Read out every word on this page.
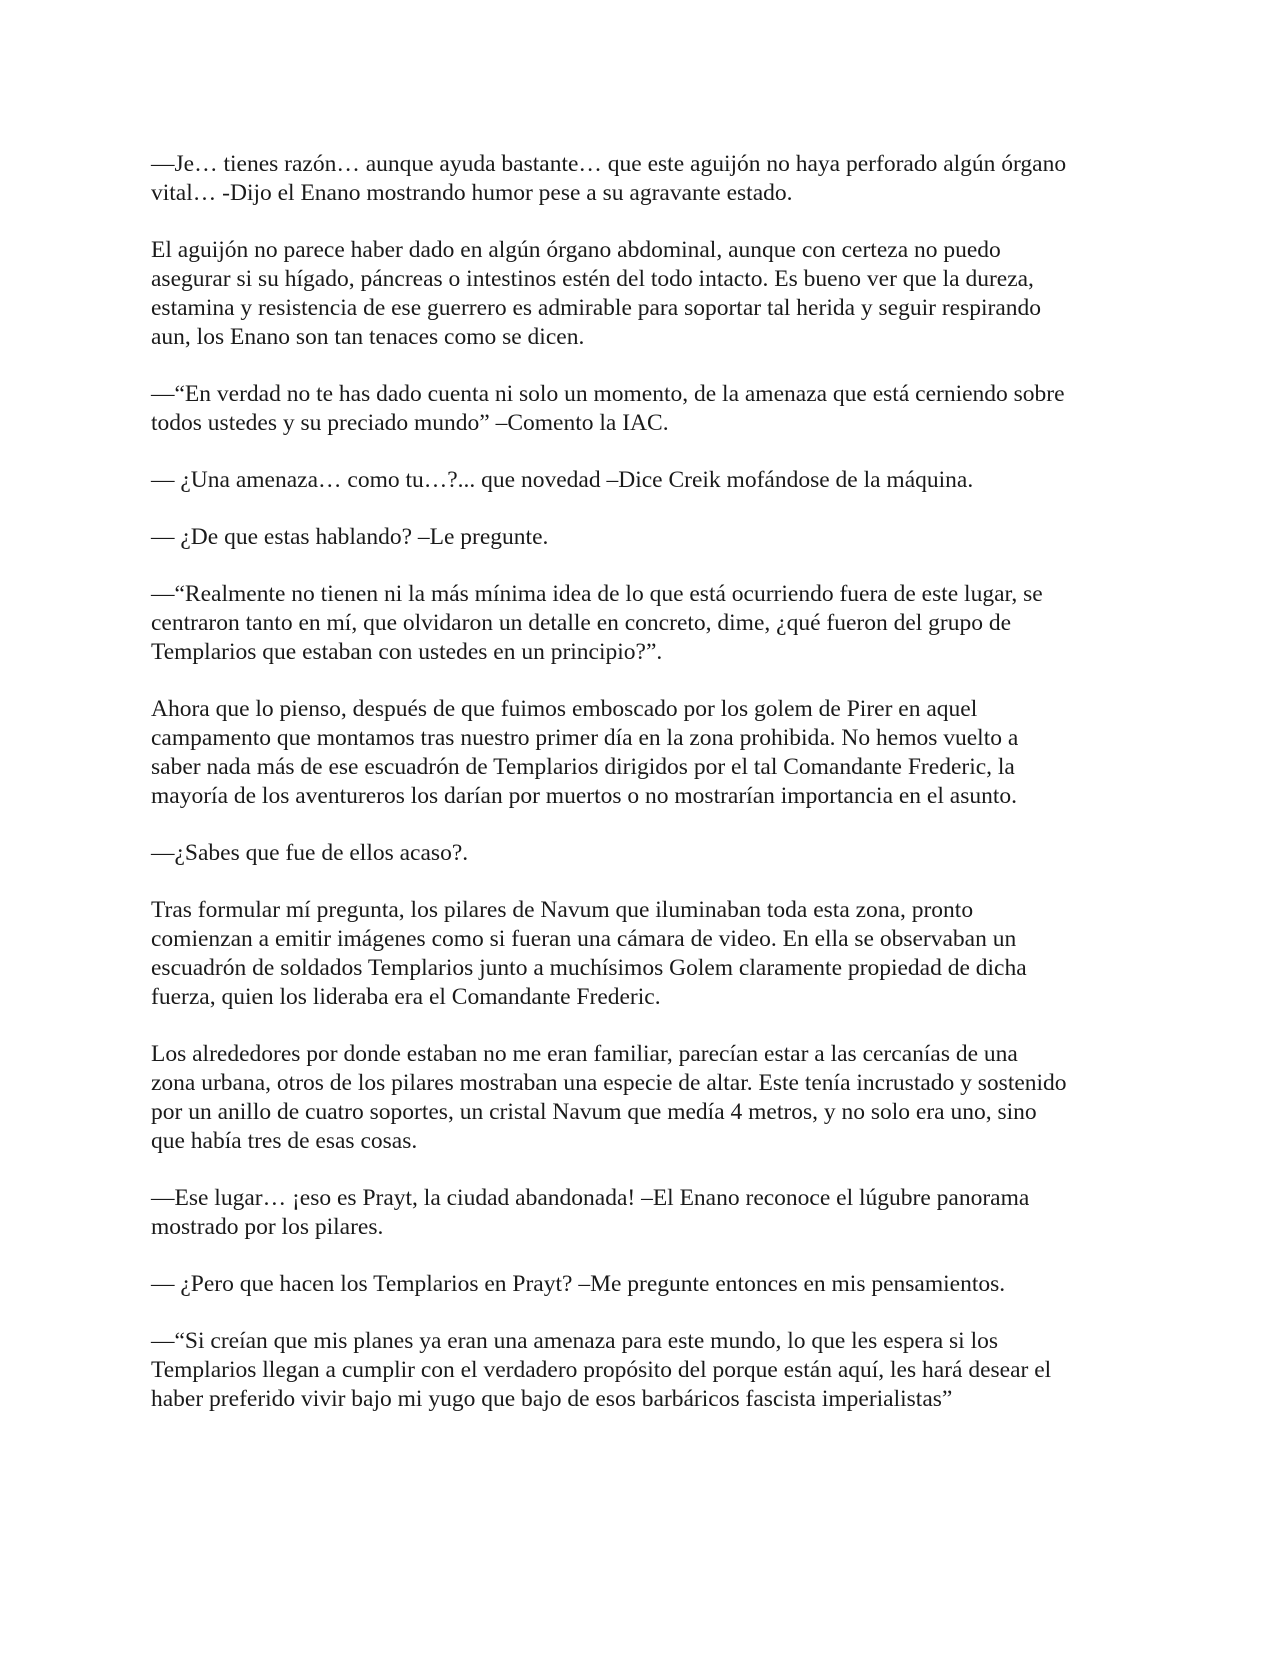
—Je… tienes razón… aunque ayuda bastante… que este aguijón no haya perforado algún órgano
vital… -Dijo el Enano mostrando humor pese a su agravante estado.

El aguijón no parece haber dado en algún órgano abdominal, aunque con certeza no puedo
asegurar si su hígado, páncreas o intestinos estén del todo intacto. Es bueno ver que la dureza,
estamina y resistencia de ese guerrero es admirable para soportar tal herida y seguir respirando
aun, los Enano son tan tenaces como se dicen.

—“En verdad no te has dado cuenta ni solo un momento, de la amenaza que está cerniendo sobre
todos ustedes y su preciado mundo” –Comento la IAC.

— ¿Una amenaza… como tu…?... que novedad –Dice Creik mofándose de la máquina.

— ¿De que estas hablando? –Le pregunte.

—“Realmente no tienen ni la más mínima idea de lo que está ocurriendo fuera de este lugar, se
centraron tanto en mí, que olvidaron un detalle en concreto, dime, ¿qué fueron del grupo de
Templarios que estaban con ustedes en un principio?”.

Ahora que lo pienso, después de que fuimos emboscado por los golem de Pirer en aquel
campamento que montamos tras nuestro primer día en la zona prohibida. No hemos vuelto a
saber nada más de ese escuadrón de Templarios dirigidos por el tal Comandante Frederic, la
mayoría de los aventureros los darían por muertos o no mostrarían importancia en el asunto.

—¿Sabes que fue de ellos acaso?.

Tras formular mí pregunta, los pilares de Navum que iluminaban toda esta zona, pronto
comienzan a emitir imágenes como si fueran una cámara de video. En ella se observaban un
escuadrón de soldados Templarios junto a muchísimos Golem claramente propiedad de dicha
fuerza, quien los lideraba era el Comandante Frederic.

Los alrededores por donde estaban no me eran familiar, parecían estar a las cercanías de una
zona urbana, otros de los pilares mostraban una especie de altar. Este tenía incrustado y sostenido
por un anillo de cuatro soportes, un cristal Navum que medía 4 metros, y no solo era uno, sino
que había tres de esas cosas.

—Ese lugar… ¡eso es Prayt, la ciudad abandonada! –El Enano reconoce el lúgubre panorama
mostrado por los pilares.

— ¿Pero que hacen los Templarios en Prayt? –Me pregunte entonces en mis pensamientos.

—“Si creían que mis planes ya eran una amenaza para este mundo, lo que les espera si los
Templarios llegan a cumplir con el verdadero propósito del porque están aquí, les hará desear el
haber preferido vivir bajo mi yugo que bajo de esos barbáricos fascista imperialistas”
